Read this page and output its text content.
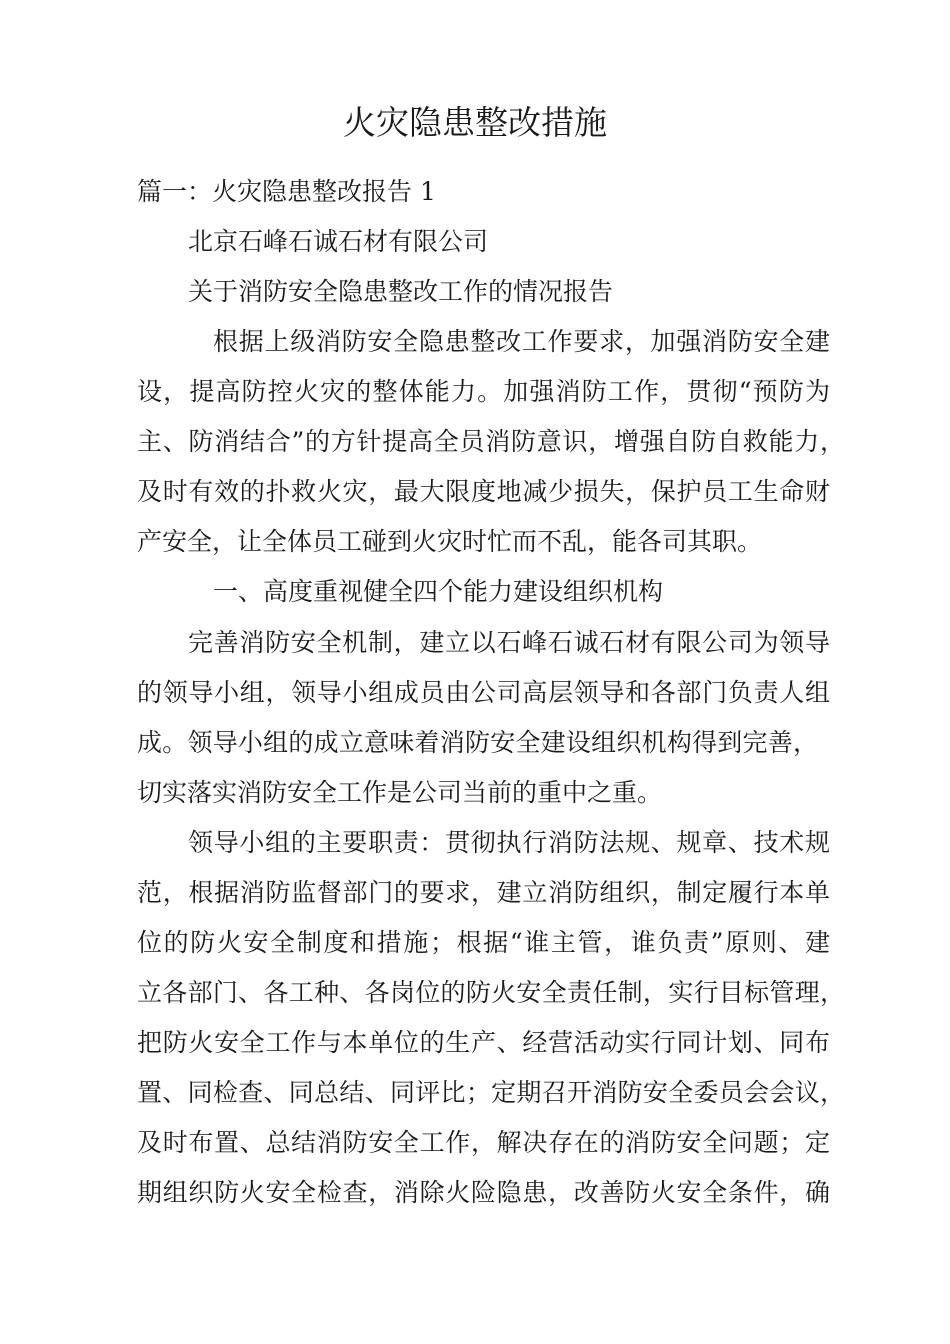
火灾隐患整改措施

篇一：火灾隐患整改报告 1

北京石峰石诚石材有限公司

关于消防安全隐患整改工作的情况报告

根据上级消防安全隐患整改工作要求，加强消防安全建

设，提高防控火灾的整体能力。加强消防工作，贯彻“预防为

主、防消结合”的方针提高全员消防意识，增强自防自救能力，

及时有效的扑救火灾，最大限度地减少损失，保护员工生命财

产安全，让全体员工碰到火灾时忙而不乱，能各司其职。

一、高度重视健全四个能力建设组织机构

完善消防安全机制，建立以石峰石诚石材有限公司为领导

的领导小组，领导小组成员由公司高层领导和各部门负责人组

成。领导小组的成立意味着消防安全建设组织机构得到完善，

切实落实消防安全工作是公司当前的重中之重。

领导小组的主要职责：贯彻执行消防法规、规章、技术规

范，根据消防监督部门的要求，建立消防组织，制定履行本单

位的防火安全制度和措施；根据“谁主管，谁负责”原则、建

立各部门、各工种、各岗位的防火安全责任制，实行目标管理，

把防火安全工作与本单位的生产、经营活动实行同计划、同布

置、同检查、同总结、同评比；定期召开消防安全委员会会议，

及时布置、总结消防安全工作，解决存在的消防安全问题；定

期组织防火安全检查，消除火险隐患，改善防火安全条件，确
